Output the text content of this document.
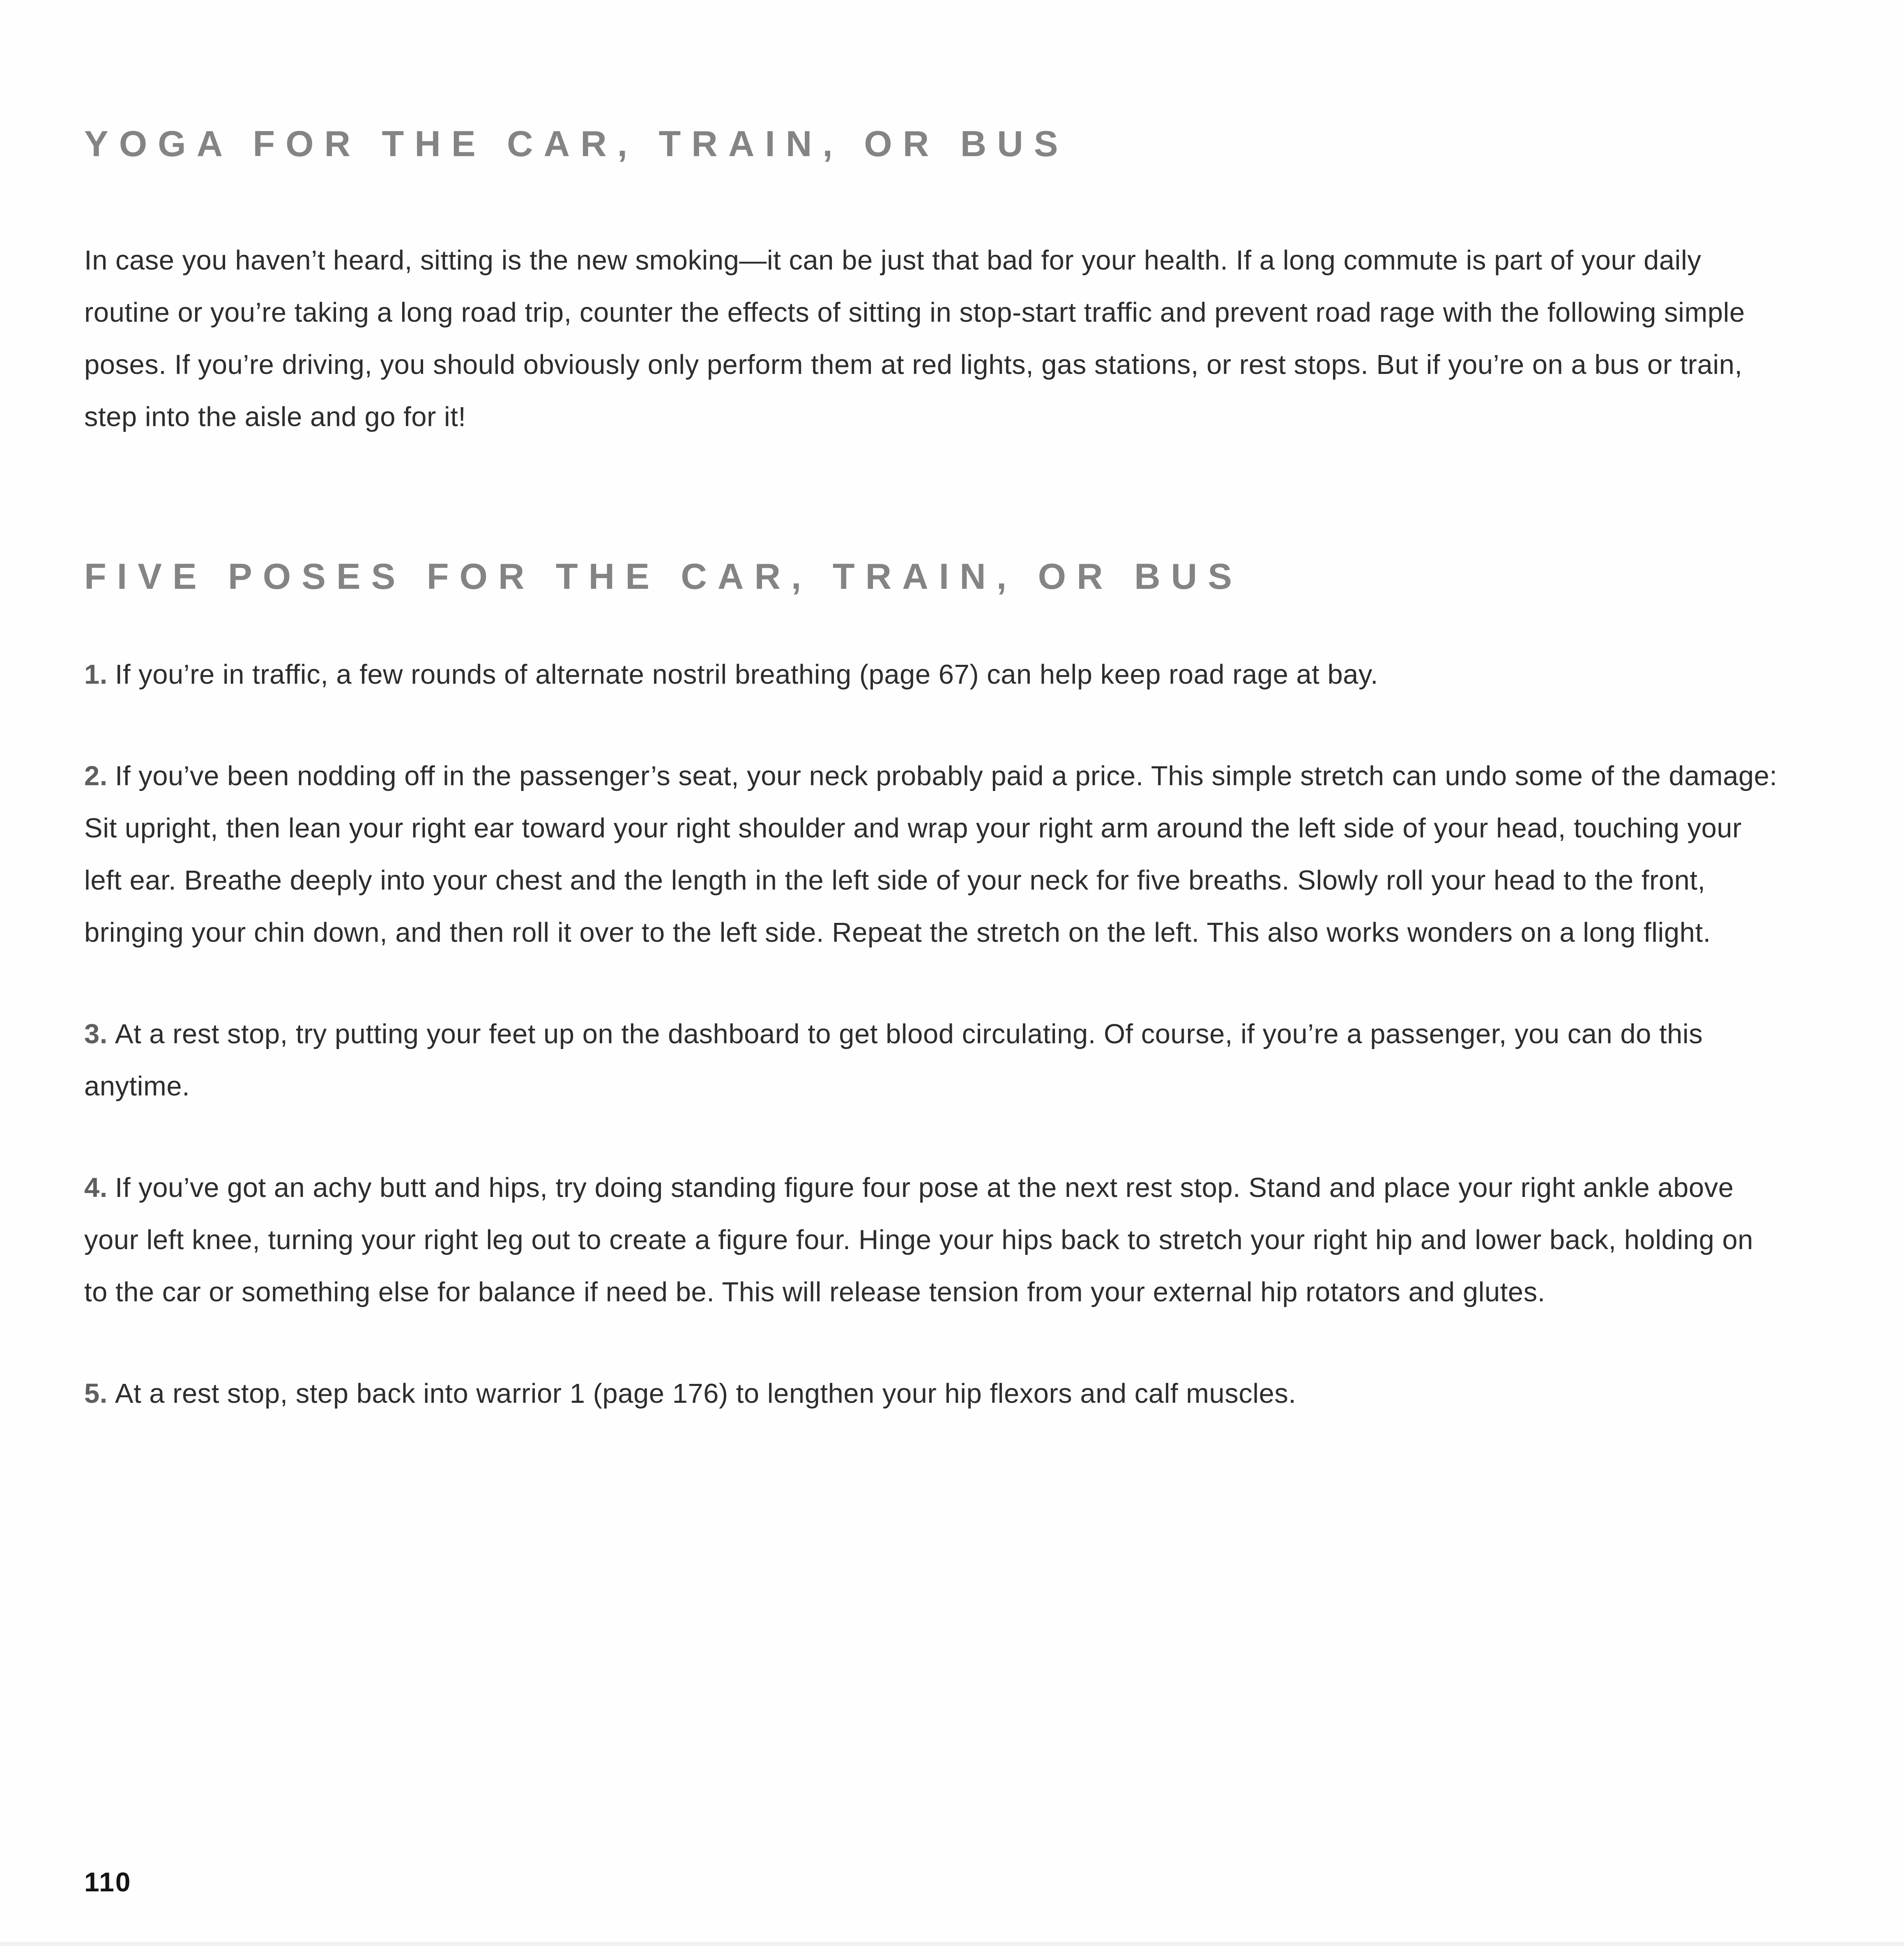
YOGA FOR THE CAR, TRAIN, OR BUS

In case you haven’t heard, sitting is the new smoking—it can be just that bad for your health. If a long commute is part of your daily routine or you’re taking a long road trip, counter the effects of sitting in stop-start traffic and prevent road rage with the following simple poses. If you’re driving, you should obviously only perform them at red lights, gas stations, or rest stops. But if you’re on a bus or train, step into the aisle and go for it!

FIVE POSES FOR THE CAR, TRAIN, OR BUS

1. If you’re in traffic, a few rounds of alternate nostril breathing (page 67) can help keep road rage at bay.

2. If you’ve been nodding off in the passenger’s seat, your neck probably paid a price. This simple stretch can undo some of the damage: Sit upright, then lean your right ear toward your right shoulder and wrap your right arm around the left side of your head, touching your left ear. Breathe deeply into your chest and the length in the left side of your neck for five breaths. Slowly roll your head to the front, bringing your chin down, and then roll it over to the left side. Repeat the stretch on the left. This also works wonders on a long flight.

3. At a rest stop, try putting your feet up on the dashboard to get blood circulating. Of course, if you’re a passenger, you can do this anytime.

4. If you’ve got an achy butt and hips, try doing standing figure four pose at the next rest stop. Stand and place your right ankle above your left knee, turning your right leg out to create a figure four. Hinge your hips back to stretch your right hip and lower back, holding on to the car or something else for balance if need be. This will release tension from your external hip rotators and glutes.

5. At a rest stop, step back into warrior 1 (page 176) to lengthen your hip flexors and calf muscles.

110
